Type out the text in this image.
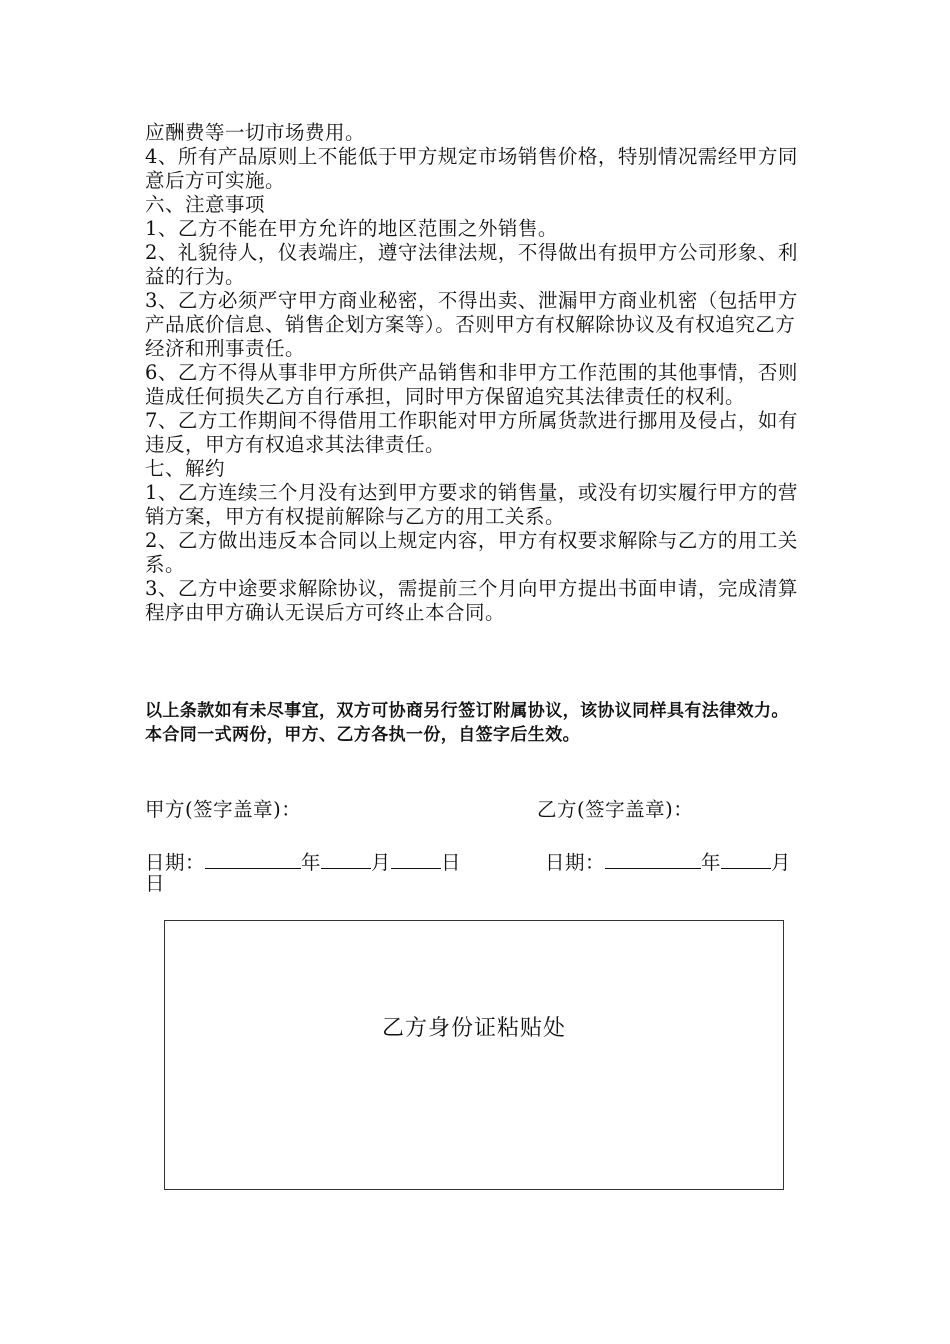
应酬费等一切市场费用。

4、所有产品原则上不能低于甲方规定市场销售价格，特别情况需经甲方同意后方可实施。

六、注意事项

1、乙方不能在甲方允许的地区范围之外销售。

2、礼貌待人，仪表端庄，遵守法律法规，不得做出有损甲方公司形象、利益的行为。

3、乙方必须严守甲方商业秘密，不得出卖、泄漏甲方商业机密（包括甲方产品底价信息、销售企划方案等）。否则甲方有权解除协议及有权追究乙方经济和刑事责任。

6、乙方不得从事非甲方所供产品销售和非甲方工作范围的其他事情，否则造成任何损失乙方自行承担，同时甲方保留追究其法律责任的权利。

7、乙方工作期间不得借用工作职能对甲方所属货款进行挪用及侵占，如有违反，甲方有权追求其法律责任。

七、解约

1、乙方连续三个月没有达到甲方要求的销售量，或没有切实履行甲方的营销方案，甲方有权提前解除与乙方的用工关系。

2、乙方做出违反本合同以上规定内容，甲方有权要求解除与乙方的用工关系。

3、乙方中途要求解除协议，需提前三个月向甲方提出书面申请，完成清算程序由甲方确认无误后方可终止本合同。

以上条款如有未尽事宜，双方可协商另行签订附属协议，该协议同样具有法律效力。

本合同一式两份，甲方、乙方各执一份，自签字后生效。

甲方(签字盖章)：	乙方(签字盖章)：
日期：	年	月	日	日期：	年	月
日
乙方身份证粘贴处
